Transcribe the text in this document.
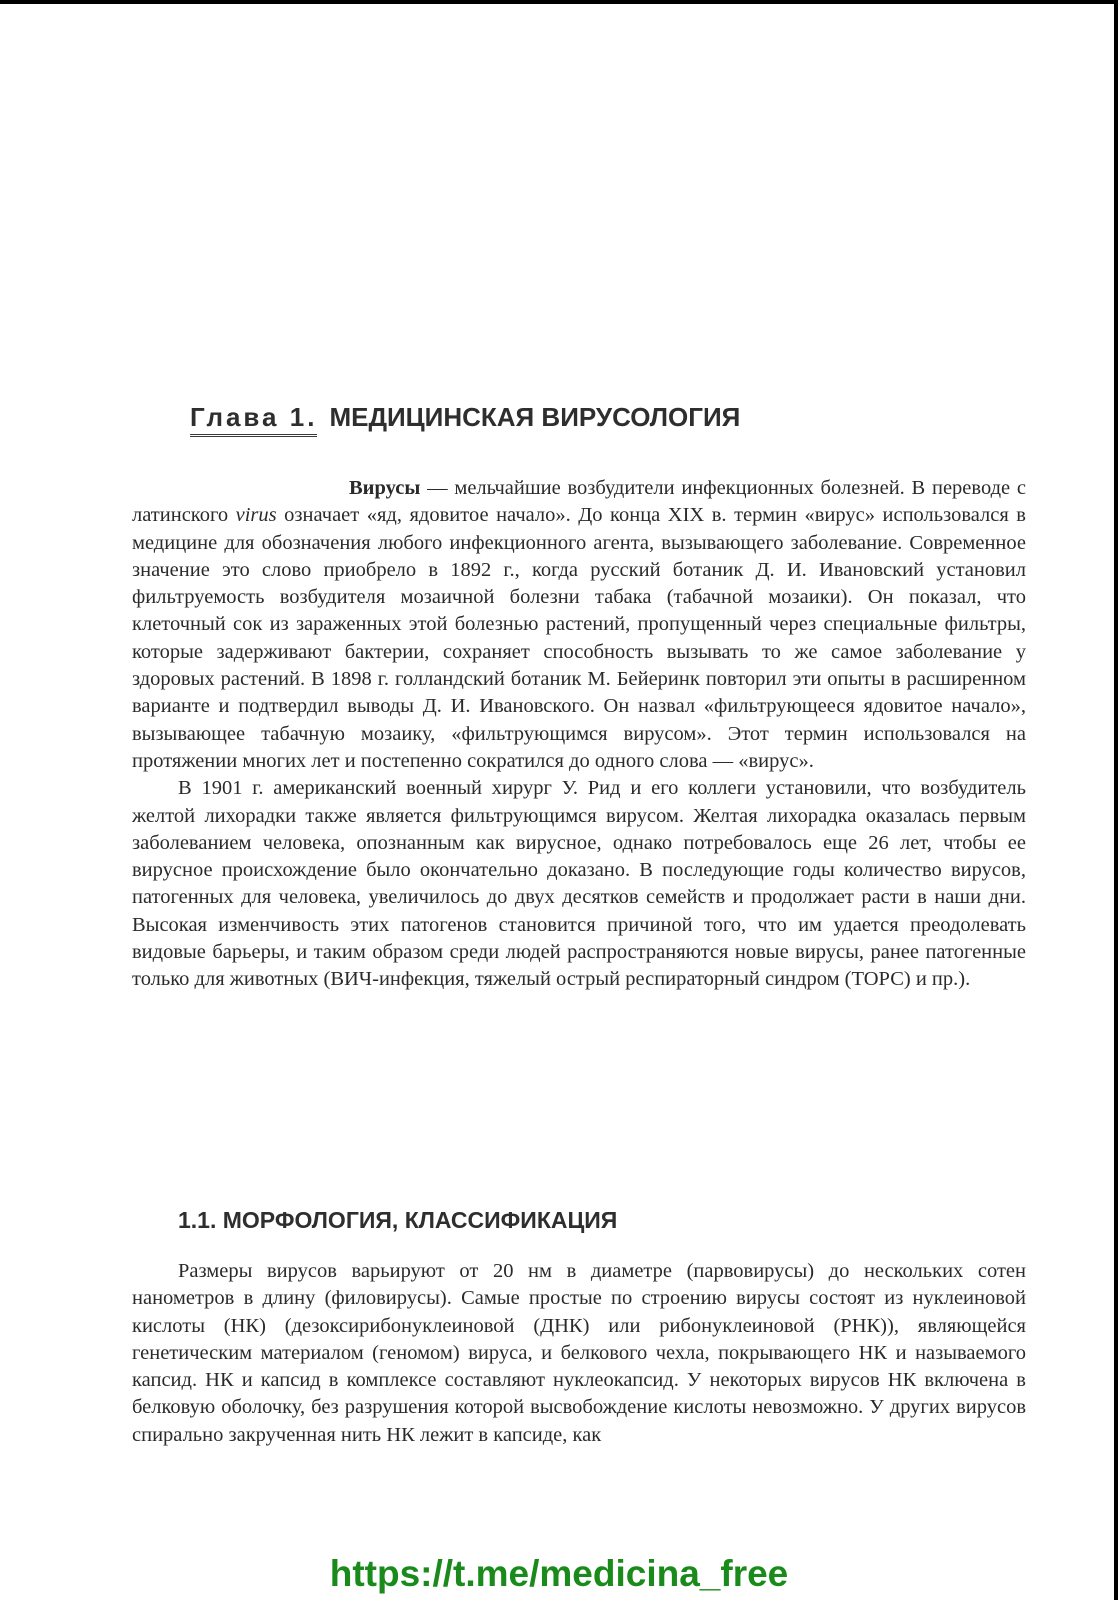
Глава 1. МЕДИЦИНСКАЯ ВИРУСОЛОГИЯ

Вирусы — мельчайшие возбудители инфекционных болезней. В переводе с латинского virus означает «яд, ядовитое начало». До конца XIX в. термин «вирус» использовался в медицине для обозначения любого инфекционного агента, вызывающего заболевание. Современное значение это слово приобрело в 1892 г., когда русский ботаник Д. И. Ивановский установил фильтруемость возбудителя мозаичной болезни табака (табачной мозаики). Он показал, что клеточный сок из зараженных этой болезнью растений, пропущенный через специальные фильтры, которые задерживают бактерии, сохраняет способность вызывать то же самое заболевание у здоровых растений. В 1898 г. голландский ботаник М. Бейеринк повторил эти опыты в расширенном варианте и подтвердил выводы Д. И. Ивановского. Он назвал «фильтрующееся ядовитое начало», вызывающее табачную мозаику, «фильтрующимся вирусом». Этот термин использовался на протяжении многих лет и постепенно сократился до одного слова — «вирус».

В 1901 г. американский военный хирург У. Рид и его коллеги установили, что возбудитель желтой лихорадки также является фильтрующимся вирусом. Желтая лихорадка оказалась первым заболеванием человека, опознанным как вирусное, однако потребовалось еще 26 лет, чтобы ее вирусное происхождение было окончательно доказано. В последующие годы количество вирусов, патогенных для человека, увеличилось до двух десятков семейств и продолжает расти в наши дни. Высокая изменчивость этих патогенов становится причиной того, что им удается преодолевать видовые барьеры, и таким образом среди людей распространяются новые вирусы, ранее патогенные только для животных (ВИЧ-инфекция, тяжелый острый респираторный синдром (ТОРС) и пр.).

1.1. МОРФОЛОГИЯ, КЛАССИФИКАЦИЯ

Размеры вирусов варьируют от 20 нм в диаметре (парвовирусы) до нескольких сотен нанометров в длину (филовирусы). Самые простые по строению вирусы состоят из нуклеиновой кислоты (НК) (дезоксирибонуклеиновой (ДНК) или рибонуклеиновой (РНК)), являющейся генетическим материалом (геномом) вируса, и белкового чехла, покрывающего НК и называемого капсид. НК и капсид в комплексе составляют нуклеокапсид. У некоторых вирусов НК включена в белковую оболочку, без разрушения которой высвобождение кислоты невозможно. У других вирусов спирально закрученная нить НК лежит в капсиде, как

https://t.me/medicina_free
